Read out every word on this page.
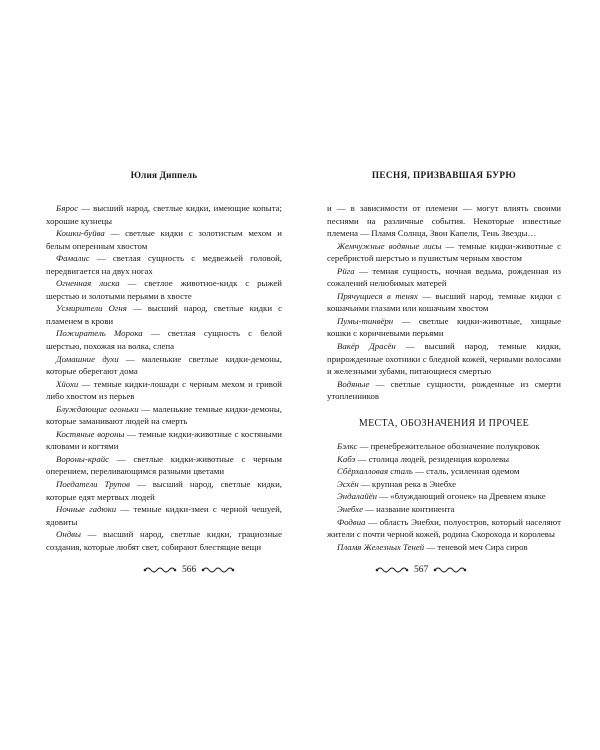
Юлия Диппель

Бярос — высший народ, светлые кидки, имеющие копыта; хорошие кузнецы

Кошки-буйва — светлые кидки с золотистым мехом и белым оперенным хвостом

Фамалис — светлая сущность с медвежьей головой, передвигается на двух ногах

Огненная лиска — светлое животное-кидк с рыжей шерстью и золотыми перьями в хвосте

Усмирители Огня — высший народ, светлые кидки с пламенем в крови

Пожиратель Морока — светлая сущность с белой шерстью, похожая на волка, слепа

Домашние духи — маленькие светлые кидки-демоны, которые оберегают дома

Хйохи — темные кидки-лошади с черным мехом и гривой либо хвостом из перьев

Блуждающие огоньки — маленькие темные кидки-демоны, которые заманивают людей на смерть

Костяные вороны — темные кидки-животные с костяными клювами и когтями

Вороны-крайс — светлые кидки-животные с черным оперением, переливающимся разными цветами

Поедатели Трупов — высший народ, светлые кидки, которые едят мертвых людей

Ночные гадюки — темные кидки-змеи с черной чешуей, ядовиты

Ондвы — высший народ, светлые кидки, грациозные создания, которые любят свет, собирают блестящие вещи

ПЕСНЯ, ПРИЗВАВШАЯ БУРЮ

и — в зависимости от племени — могут влиять своими песнями на различные события. Некоторые известные племена — Пламя Солнца, Звон Капели, Тень Звезды…

Жемчужные водяные лисы — темные кидки-животные с серебристой шерстью и пушистым черным хвостом

Рйга — темная сущность, ночная ведьма, рожденная из сожалений нелюбимых матерей

Прячущиеся в тенях — высший народ, темные кидки с кошачьими глазами или кошачьим хвостом

Пумы-тинвёрн — светлые кидки-животные, хищные кошки с коричневыми перьями

Вакёр Драсён — высший народ, темные кидки, прирожденные охотники с бледной кожей, черными волосами и железными зубами, питающиеся смертью

Водяные — светлые сущности, рожденные из смерти утопленников

МЕСТА, ОБОЗНАЧЕНИЯ И ПРОЧЕЕ

Бэлкс — пренебрежительное обозначение полукровок

Кабэ — столица людей, резиденция королевы

Сбёрхалловая сталь — сталь, усиленная одемом

Эсхён — крупная река в Энебхе

Эндалайён — «блуждающий огонек» на Древнем языке

Энебхе — название континента

Фодвиа — область Энебхи, полуостров, который населяют жители с почти черной кожей, родина Скорохода и королевы

Пламя Железных Теней — теневой меч Сира сиров

566	567
